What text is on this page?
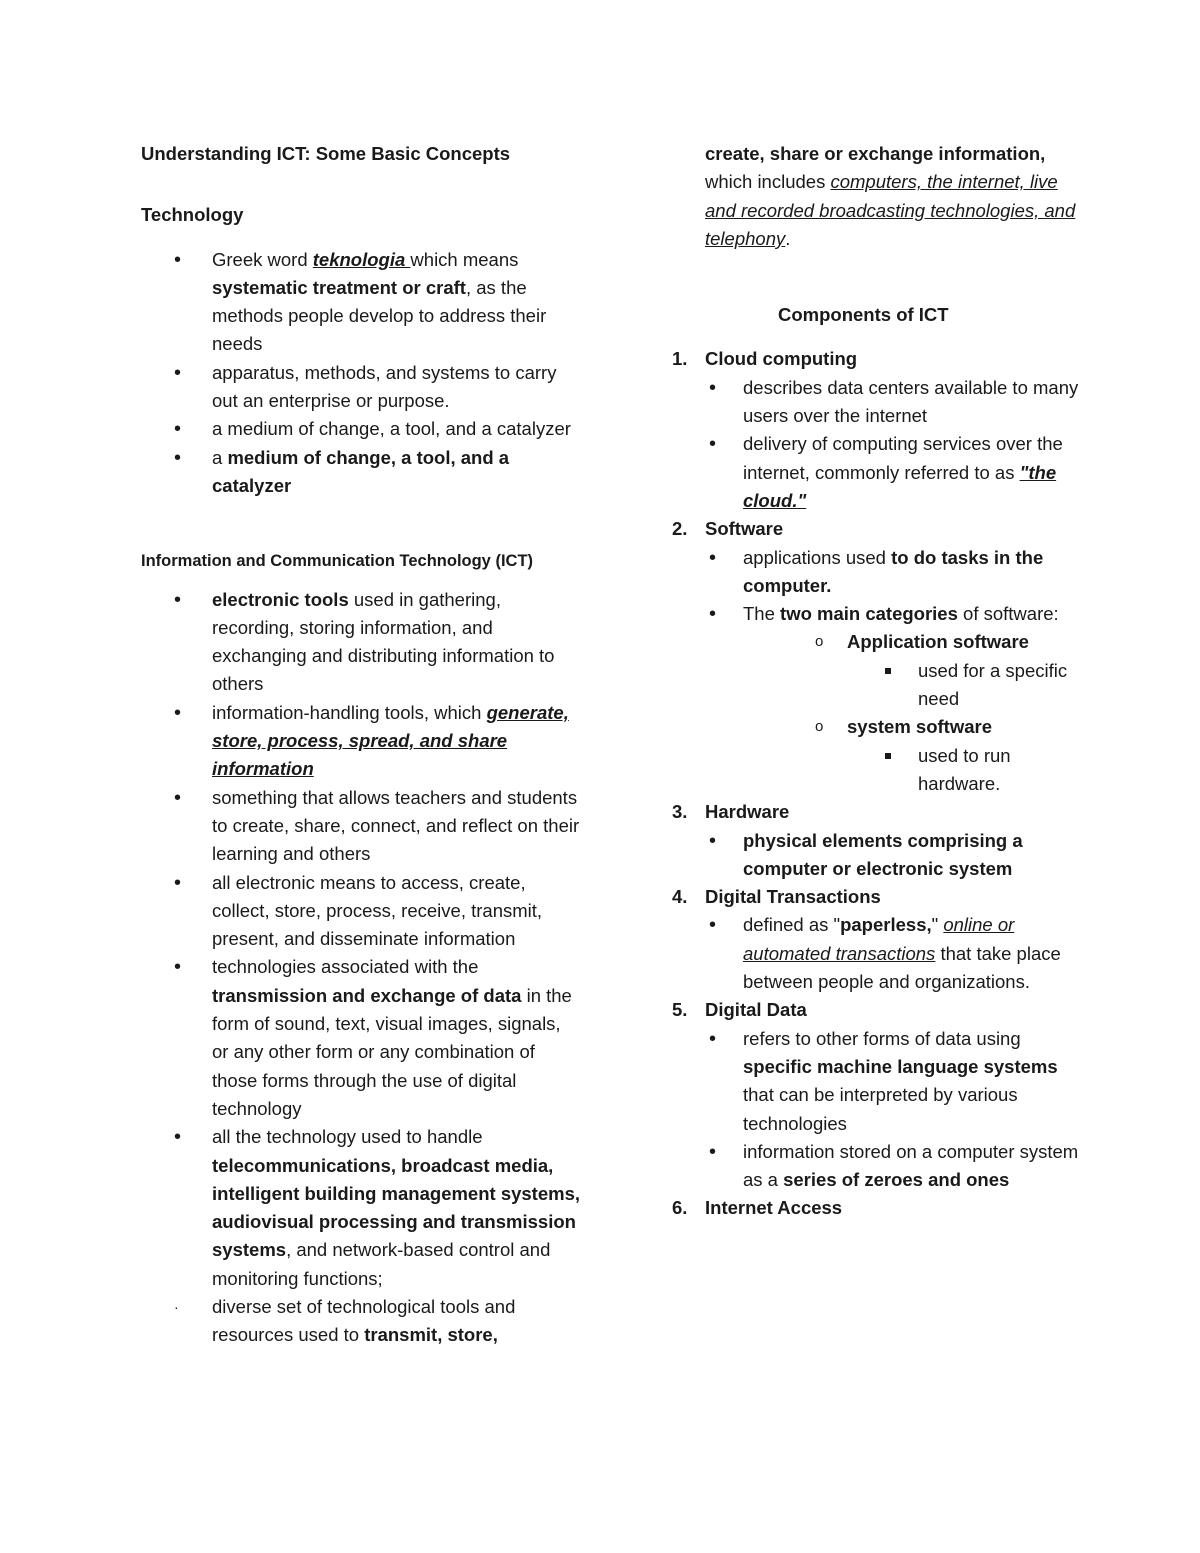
Understanding ICT: Some Basic Concepts
Technology
• Greek word teknologia which means systematic treatment or craft, as the methods people develop to address their needs
• apparatus, methods, and systems to carry out an enterprise or purpose.
• a medium of change, a tool, and a catalyzer
• a medium of change, a tool, and a catalyzer
Information and Communication Technology (ICT)
• electronic tools used in gathering, recording, storing information, and exchanging and distributing information to others
• information-handling tools, which generate, store, process, spread, and share information
• something that allows teachers and students to create, share, connect, and reflect on their learning and others
• all electronic means to access, create, collect, store, process, receive, transmit, present, and disseminate information
• technologies associated with the transmission and exchange of data in the form of sound, text, visual images, signals, or any other form or any combination of those forms through the use of digital technology
• all the technology used to handle telecommunications, broadcast media, intelligent building management systems, audiovisual processing and transmission systems, and network-based control and monitoring functions;
· diverse set of technological tools and resources used to transmit, store,
create, share or exchange information,
which includes computers, the internet, live and recorded broadcasting technologies, and telephony.
Components of ICT
1. Cloud computing
• describes data centers available to many users over the internet
• delivery of computing services over the internet, commonly referred to as "the cloud."
2. Software
• applications used to do tasks in the computer.
• The two main categories of software:
o Application software
used for a specific need
o system software
used to run hardware.
3. Hardware
• physical elements comprising a computer or electronic system
4. Digital Transactions
• defined as "paperless," online or automated transactions that take place between people and organizations.
5. Digital Data
• refers to other forms of data using specific machine language systems that can be interpreted by various technologies
• information stored on a computer system as a series of zeroes and ones
6. Internet Access
